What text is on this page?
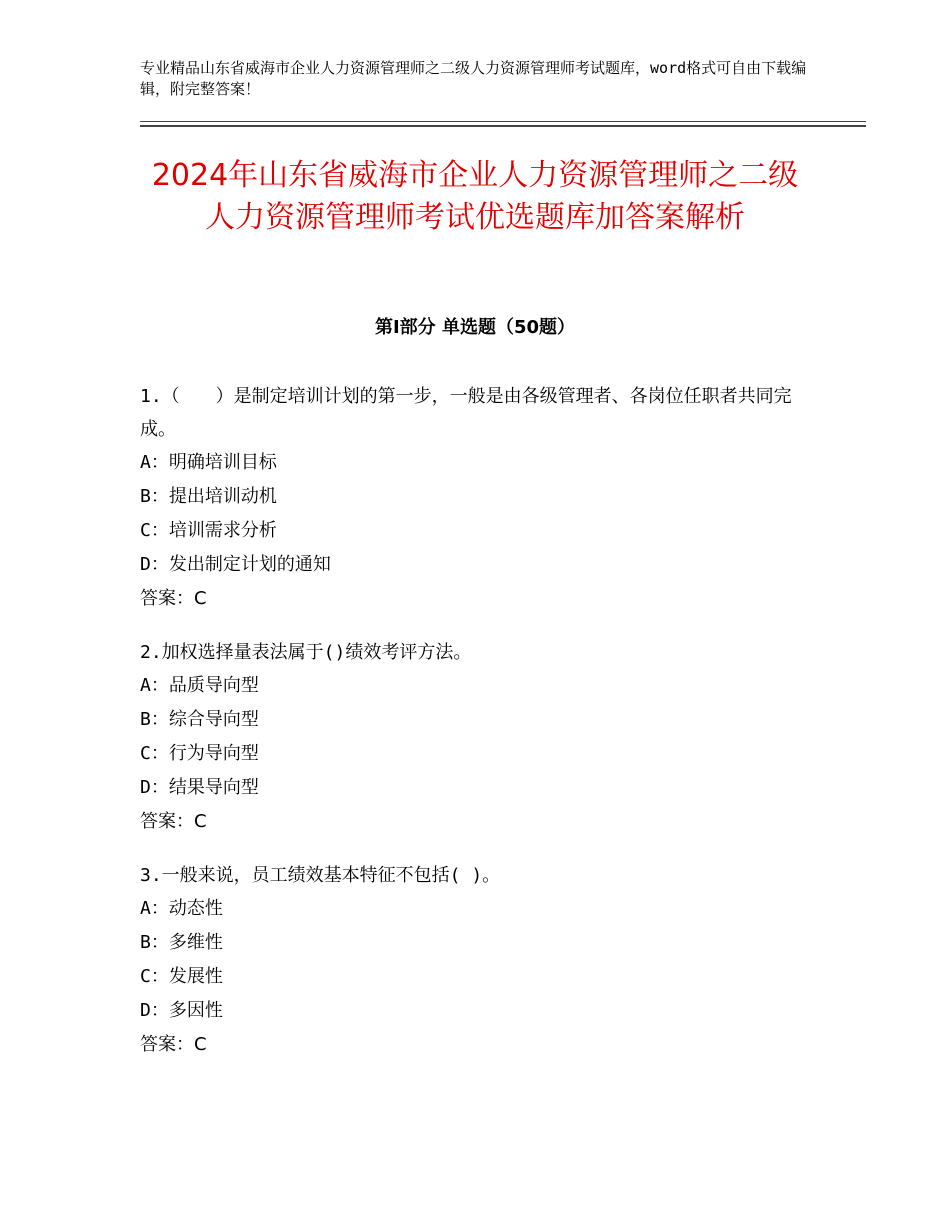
专业精品山东省威海市企业人力资源管理师之二级人力资源管理师考试题库，word格式可自由下载编辑，附完整答案！
2024年山东省威海市企业人力资源管理师之二级人力资源管理师考试优选题库加答案解析
第Ⅰ部分 单选题（50题）

1.（　　）是制定培训计划的第一步，一般是由各级管理者、各岗位任职者共同完成。

A：明确培训目标

B：提出培训动机

C：培训需求分析

D：发出制定计划的通知

答案：C

2.加权选择量表法属于()绩效考评方法。

A：品质导向型

B：综合导向型

C：行为导向型

D：结果导向型

答案：C

3.一般来说，员工绩效基本特征不包括( )。

A：动态性

B：多维性

C：发展性

D：多因性

答案：C
